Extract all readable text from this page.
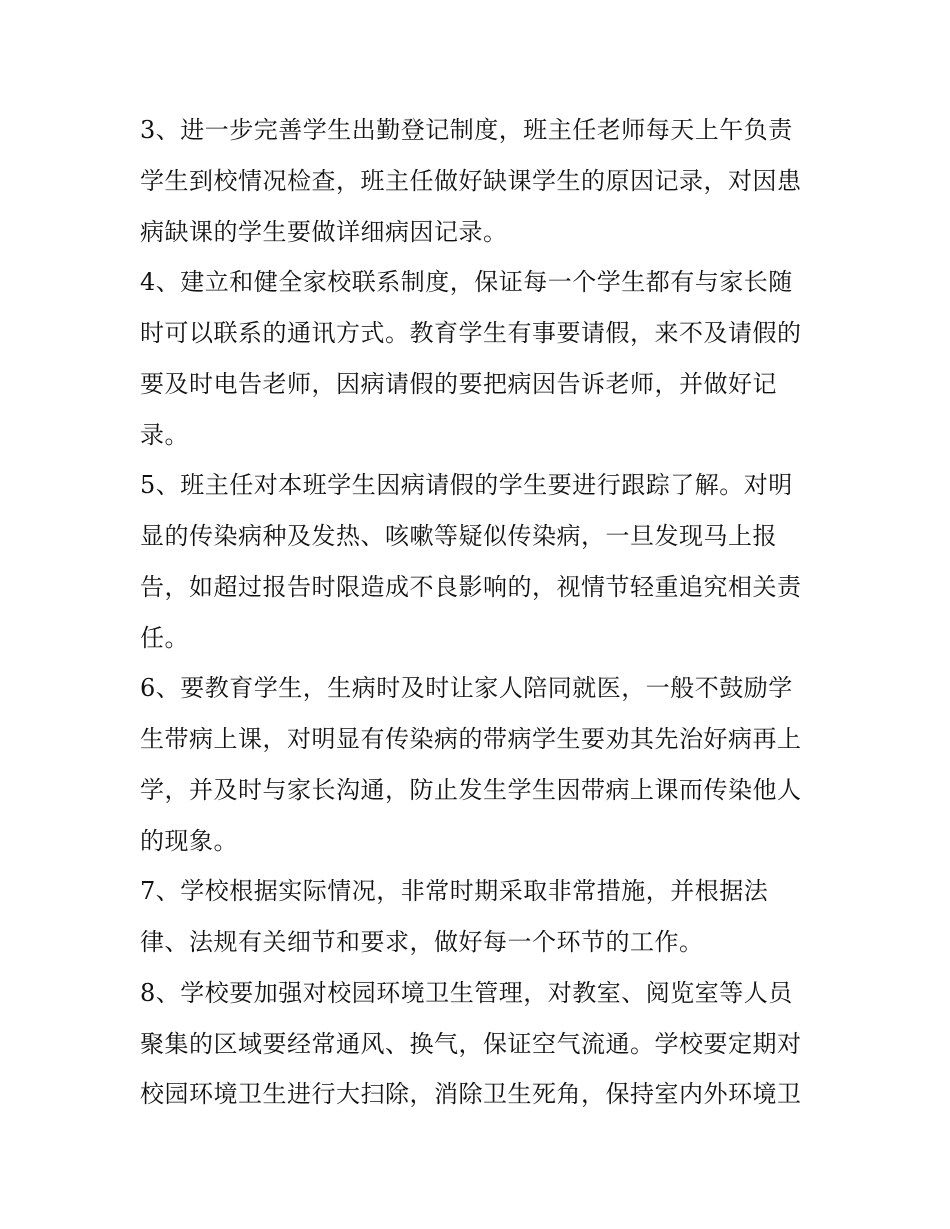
3、进一步完善学生出勤登记制度，班主任老师每天上午负责
学生到校情况检查，班主任做好缺课学生的原因记录，对因患
病缺课的学生要做详细病因记录。
4、建立和健全家校联系制度，保证每一个学生都有与家长随
时可以联系的通讯方式。教育学生有事要请假，来不及请假的
要及时电告老师，因病请假的要把病因告诉老师，并做好记
录。
5、班主任对本班学生因病请假的学生要进行跟踪了解。对明
显的传染病种及发热、咳嗽等疑似传染病，一旦发现马上报
告，如超过报告时限造成不良影响的，视情节轻重追究相关责
任。
6、要教育学生，生病时及时让家人陪同就医，一般不鼓励学
生带病上课，对明显有传染病的带病学生要劝其先治好病再上
学，并及时与家长沟通，防止发生学生因带病上课而传染他人
的现象。
7、学校根据实际情况，非常时期采取非常措施，并根据法
律、法规有关细节和要求，做好每一个环节的工作。
8、学校要加强对校园环境卫生管理，对教室、阅览室等人员
聚集的区域要经常通风、换气，保证空气流通。学校要定期对
校园环境卫生进行大扫除，消除卫生死角，保持室内外环境卫
